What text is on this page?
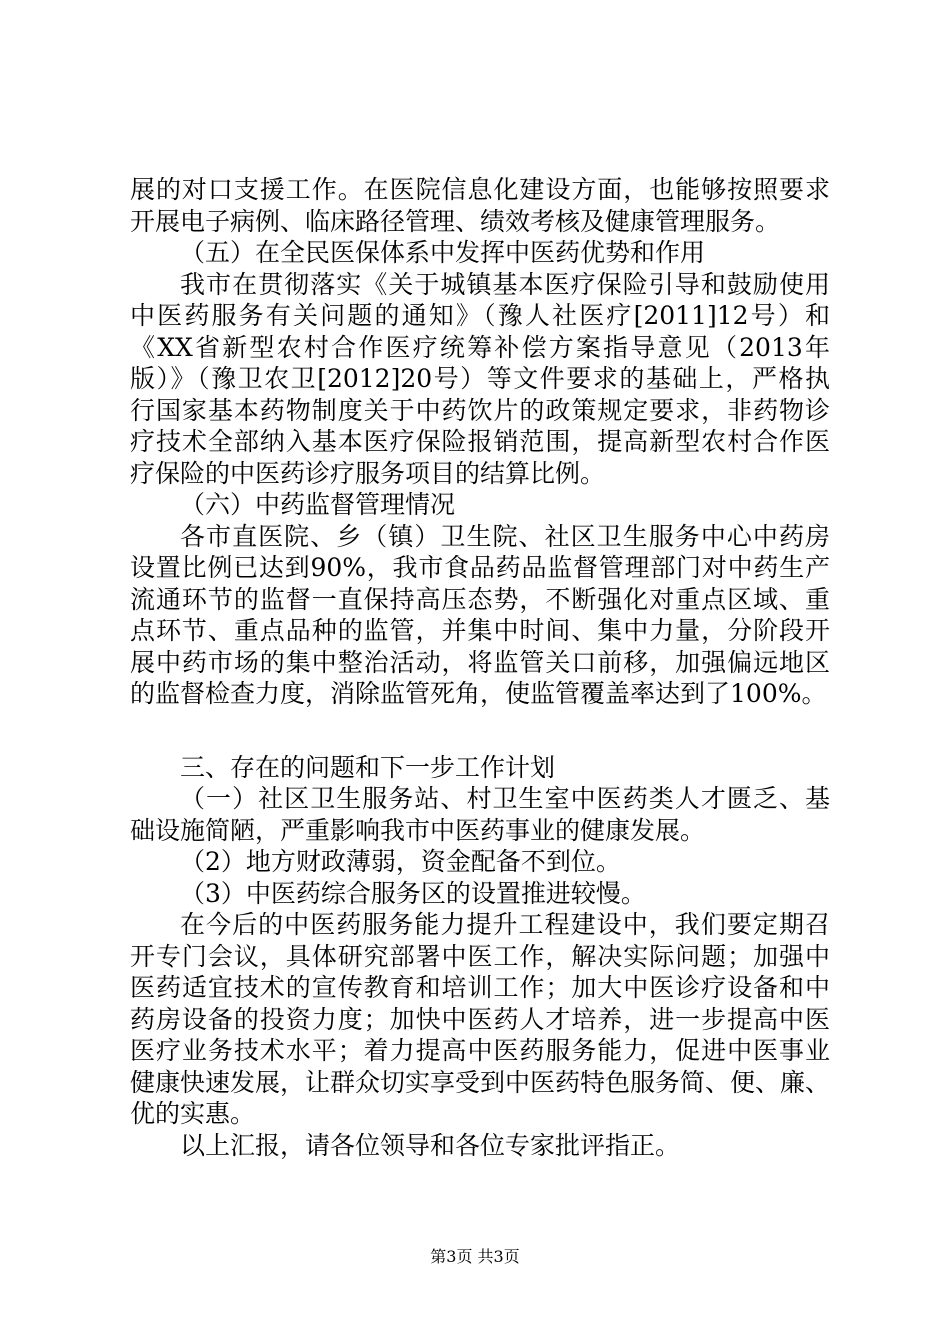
展的对口支援工作。在医院信息化建设方面，也能够按照要求
开展电子病例、临床路径管理、绩效考核及健康管理服务。
（五）在全民医保体系中发挥中医药优势和作用
我市在贯彻落实《关于城镇基本医疗保险引导和鼓励使用
中医药服务有关问题的通知》（豫人社医疗[2011]12号）和
《XX省新型农村合作医疗统筹补偿方案指导意见（2013年
版）》（豫卫农卫[2012]20号）等文件要求的基础上，严格执
行国家基本药物制度关于中药饮片的政策规定要求，非药物诊
疗技术全部纳入基本医疗保险报销范围，提高新型农村合作医
疗保险的中医药诊疗服务项目的结算比例。
（六）中药监督管理情况
各市直医院、乡（镇）卫生院、社区卫生服务中心中药房
设置比例已达到90%，我市食品药品监督管理部门对中药生产
流通环节的监督一直保持高压态势，不断强化对重点区域、重
点环节、重点品种的监管，并集中时间、集中力量，分阶段开
展中药市场的集中整治活动，将监管关口前移，加强偏远地区
的监督检查力度，消除监管死角，使监管覆盖率达到了100%。
三、存在的问题和下一步工作计划
（一）社区卫生服务站、村卫生室中医药类人才匮乏、基
础设施简陋，严重影响我市中医药事业的健康发展。
（2）地方财政薄弱，资金配备不到位。
（3）中医药综合服务区的设置推进较慢。
在今后的中医药服务能力提升工程建设中，我们要定期召
开专门会议，具体研究部署中医工作，解决实际问题；加强中
医药适宜技术的宣传教育和培训工作；加大中医诊疗设备和中
药房设备的投资力度；加快中医药人才培养，进一步提高中医
医疗业务技术水平；着力提高中医药服务能力，促进中医事业
健康快速发展，让群众切实享受到中医药特色服务简、便、廉、
优的实惠。
以上汇报，请各位领导和各位专家批评指正。
第3页 共3页
